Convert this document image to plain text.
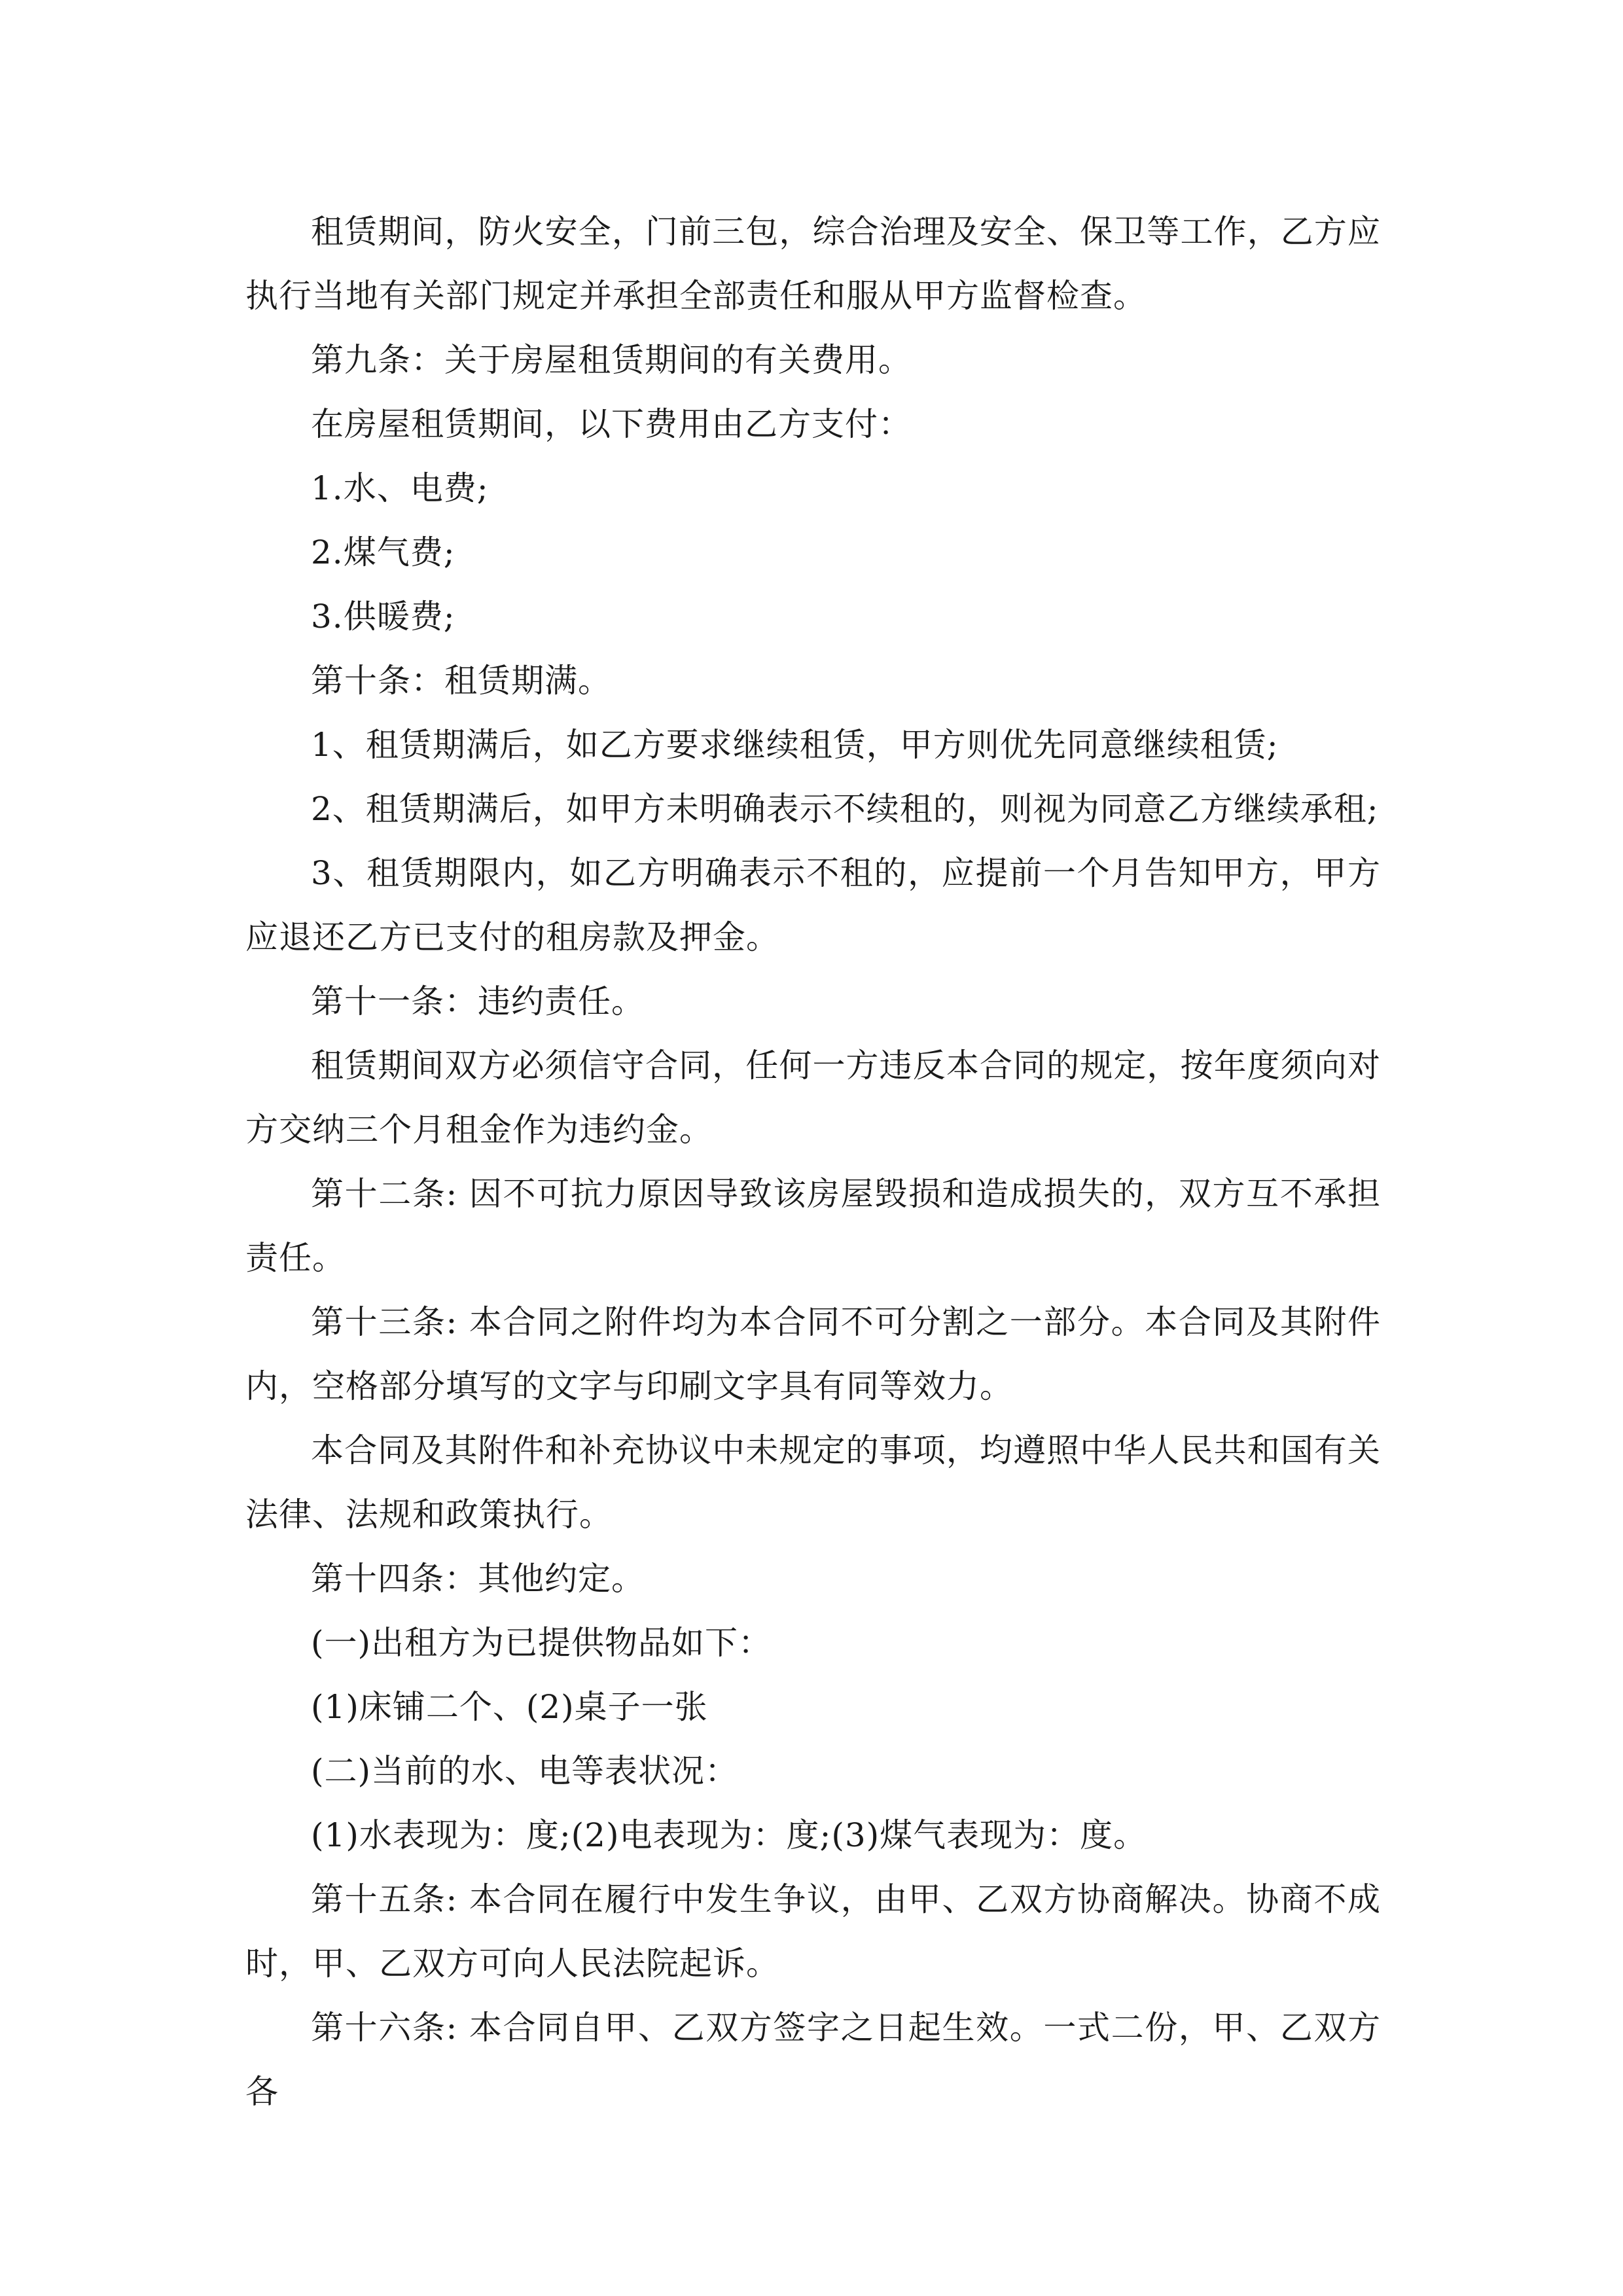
租赁期间，防火安全，门前三包，综合治理及安全、保卫等工作，乙方应执行当地有关部门规定并承担全部责任和服从甲方监督检查。

第九条：关于房屋租赁期间的有关费用。

在房屋租赁期间，以下费用由乙方支付：

1.水、电费;

2.煤气费;

3.供暖费;

第十条：租赁期满。

1、租赁期满后，如乙方要求继续租赁，甲方则优先同意继续租赁;

2、租赁期满后，如甲方未明确表示不续租的，则视为同意乙方继续承租;

3、租赁期限内，如乙方明确表示不租的，应提前一个月告知甲方，甲方应退还乙方已支付的租房款及押金。

第十一条：违约责任。

租赁期间双方必须信守合同，任何一方违反本合同的规定，按年度须向对方交纳三个月租金作为违约金。

第十二条: 因不可抗力原因导致该房屋毁损和造成损失的，双方互不承担责任。

第十三条: 本合同之附件均为本合同不可分割之一部分。本合同及其附件内，空格部分填写的文字与印刷文字具有同等效力。

本合同及其附件和补充协议中未规定的事项，均遵照中华人民共和国有关法律、法规和政策执行。

第十四条：其他约定。

(一)出租方为已提供物品如下：

(1)床铺二个、(2)桌子一张

(二)当前的水、电等表状况：

(1)水表现为：度;(2)电表现为：度;(3)煤气表现为：度。

第十五条: 本合同在履行中发生争议，由甲、乙双方协商解决。协商不成时，甲、乙双方可向人民法院起诉。

第十六条: 本合同自甲、乙双方签字之日起生效。一式二份，甲、乙双方各
